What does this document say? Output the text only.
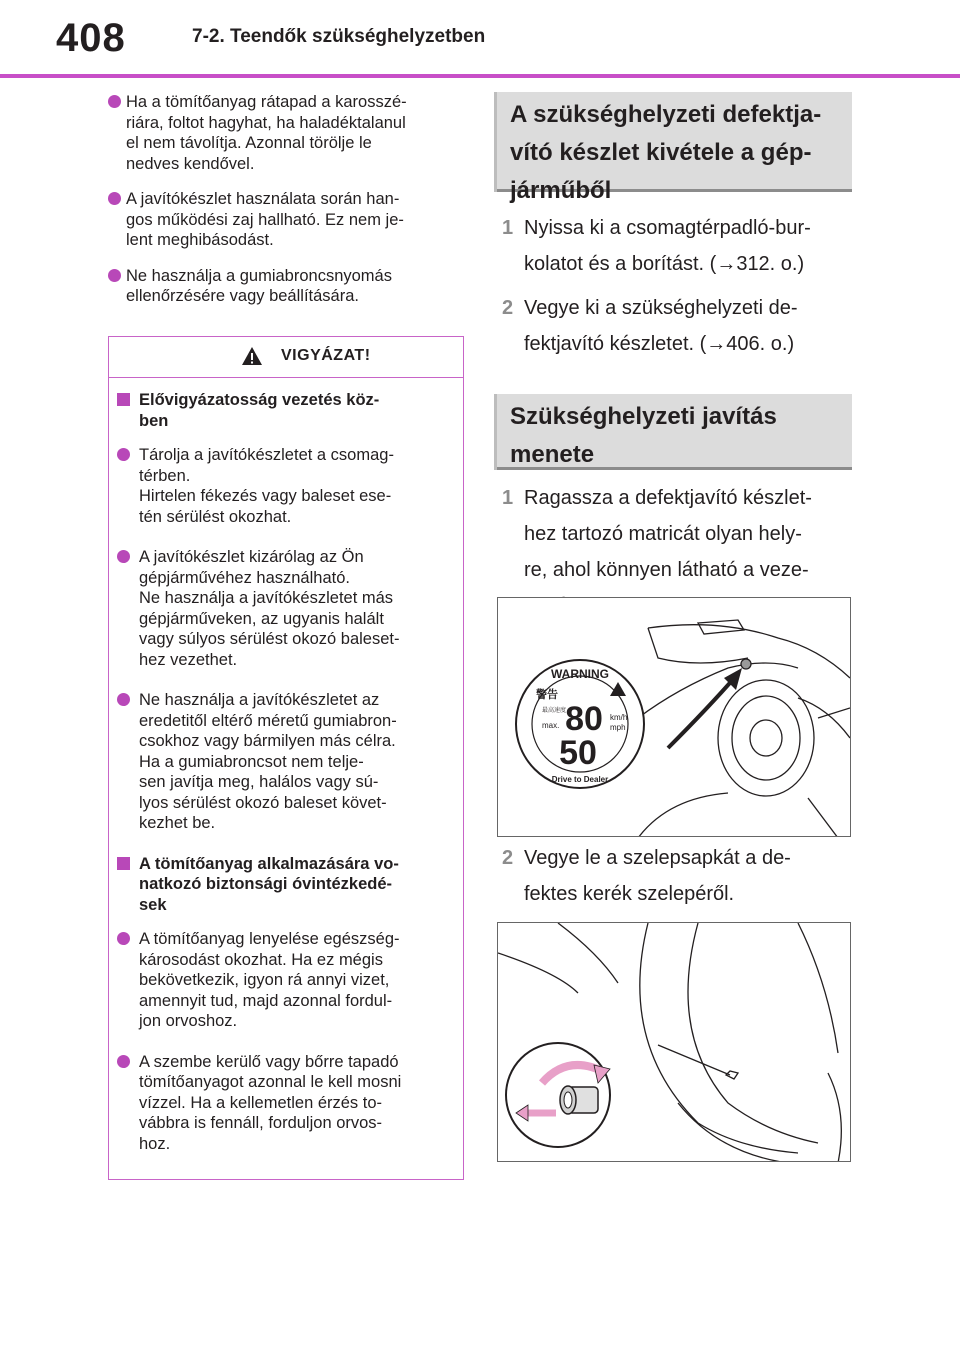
408	7-2. Teendők szükséghelyzetben
Ha a tömítőanyag rátapad a karosszé-
riára, foltot hagyhat, ha haladéktalanul
el nem távolítja. Azonnal törölje le
nedves kendővel.
A javítókészlet használata során han-
gos működési zaj hallható. Ez nem je-
lent meghibásodást.
Ne használja a gumiabroncsnyomás
ellenőrzésére vagy beállítására.
VIGYÁZAT!
Elővigyázatosság vezetés köz-
ben
Tárolja a javítókészletet a csomag-
térben.
Hirtelen fékezés vagy baleset ese-
tén sérülést okozhat.
A javítókészlet kizárólag az Ön
gépjárművéhez használható.
Ne használja a javítókészletet más
gépjárműveken, az ugyanis halált
vagy súlyos sérülést okozó baleset-
hez vezethet.
Ne használja a javítókészletet az
eredetitől eltérő méretű gumiabron-
csokhoz vagy bármilyen más célra.
Ha a gumiabroncsot nem telje-
sen javítja meg, halálos vagy sú-
lyos sérülést okozó baleset követ-
kezhet be.
A tömítőanyag alkalmazására vo-
natkozó biztonsági óvintézkedé-
sek
A tömítőanyag lenyelése egészség-
károsodást okozhat. Ha ez mégis
bekövetkezik, igyon rá annyi vizet,
amennyit tud, majd azonnal fordul-
jon orvoshoz.
A szembe kerülő vagy bőrre tapadó
tömítőanyagot azonnal le kell mosni
vízzel. Ha a kellemetlen érzés to-
vábbra is fennáll, forduljon orvos-
hoz.
A szükséghelyzeti defektja-
vító készlet kivétele a gép-
járműből
1 Nyissa ki a csomagtérpadló-bur-
kolatot és a borítást. (→312. o.)
2 Vegye ki a szükséghelyzeti de-
fektjavító készletet. (→406. o.)
Szükséghelyzeti javítás
menete
1 Ragassza a defektjavító készlet-
hez tartozó matricát olyan hely-
re, ahol könnyen látható a veze-

WARNING
警告
80
50
km/h
mph
最高速度
max.
Drive to Dealer
2 Vegye le a szelepsapkát a de-
fektes kerék szelepéről.
